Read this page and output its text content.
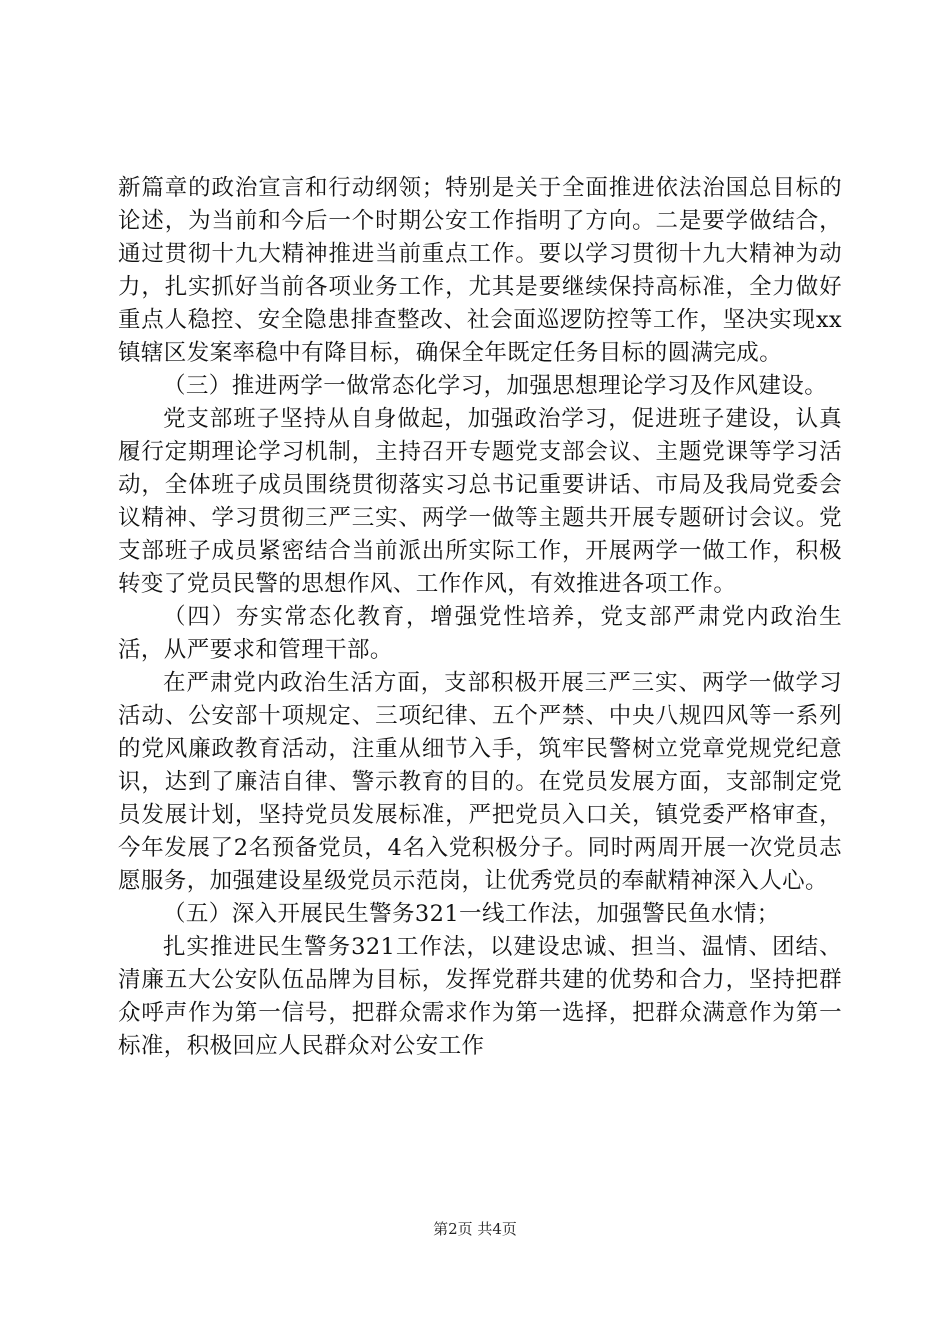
新篇章的政治宣言和行动纲领；特别是关于全面推进依法治国总目标的论述，为当前和今后一个时期公安工作指明了方向。二是要学做结合，通过贯彻十九大精神推进当前重点工作。要以学习贯彻十九大精神为动力，扎实抓好当前各项业务工作，尤其是要继续保持高标准，全力做好重点人稳控、安全隐患排查整改、社会面巡逻防控等工作，坚决实现xx镇辖区发案率稳中有降目标，确保全年既定任务目标的圆满完成。

（三）推进两学一做常态化学习，加强思想理论学习及作风建设。

党支部班子坚持从自身做起，加强政治学习，促进班子建设，认真履行定期理论学习机制，主持召开专题党支部会议、主题党课等学习活动，全体班子成员围绕贯彻落实习总书记重要讲话、市局及我局党委会议精神、学习贯彻三严三实、两学一做等主题共开展专题研讨会议。党支部班子成员紧密结合当前派出所实际工作，开展两学一做工作，积极转变了党员民警的思想作风、工作作风，有效推进各项工作。

（四）夯实常态化教育，增强党性培养，党支部严肃党内政治生活，从严要求和管理干部。

在严肃党内政治生活方面，支部积极开展三严三实、两学一做学习活动、公安部十项规定、三项纪律、五个严禁、中央八规四风等一系列的党风廉政教育活动，注重从细节入手，筑牢民警树立党章党规党纪意识，达到了廉洁自律、警示教育的目的。在党员发展方面，支部制定党员发展计划，坚持党员发展标准，严把党员入口关，镇党委严格审查，今年发展了2名预备党员，4名入党积极分子。同时两周开展一次党员志愿服务，加强建设星级党员示范岗，让优秀党员的奉献精神深入人心。

（五）深入开展民生警务321一线工作法，加强警民鱼水情；

扎实推进民生警务321工作法，以建设忠诚、担当、温情、团结、清廉五大公安队伍品牌为目标，发挥党群共建的优势和合力，坚持把群众呼声作为第一信号，把群众需求作为第一选择，把群众满意作为第一标准，积极回应人民群众对公安工作

第2页 共4页
